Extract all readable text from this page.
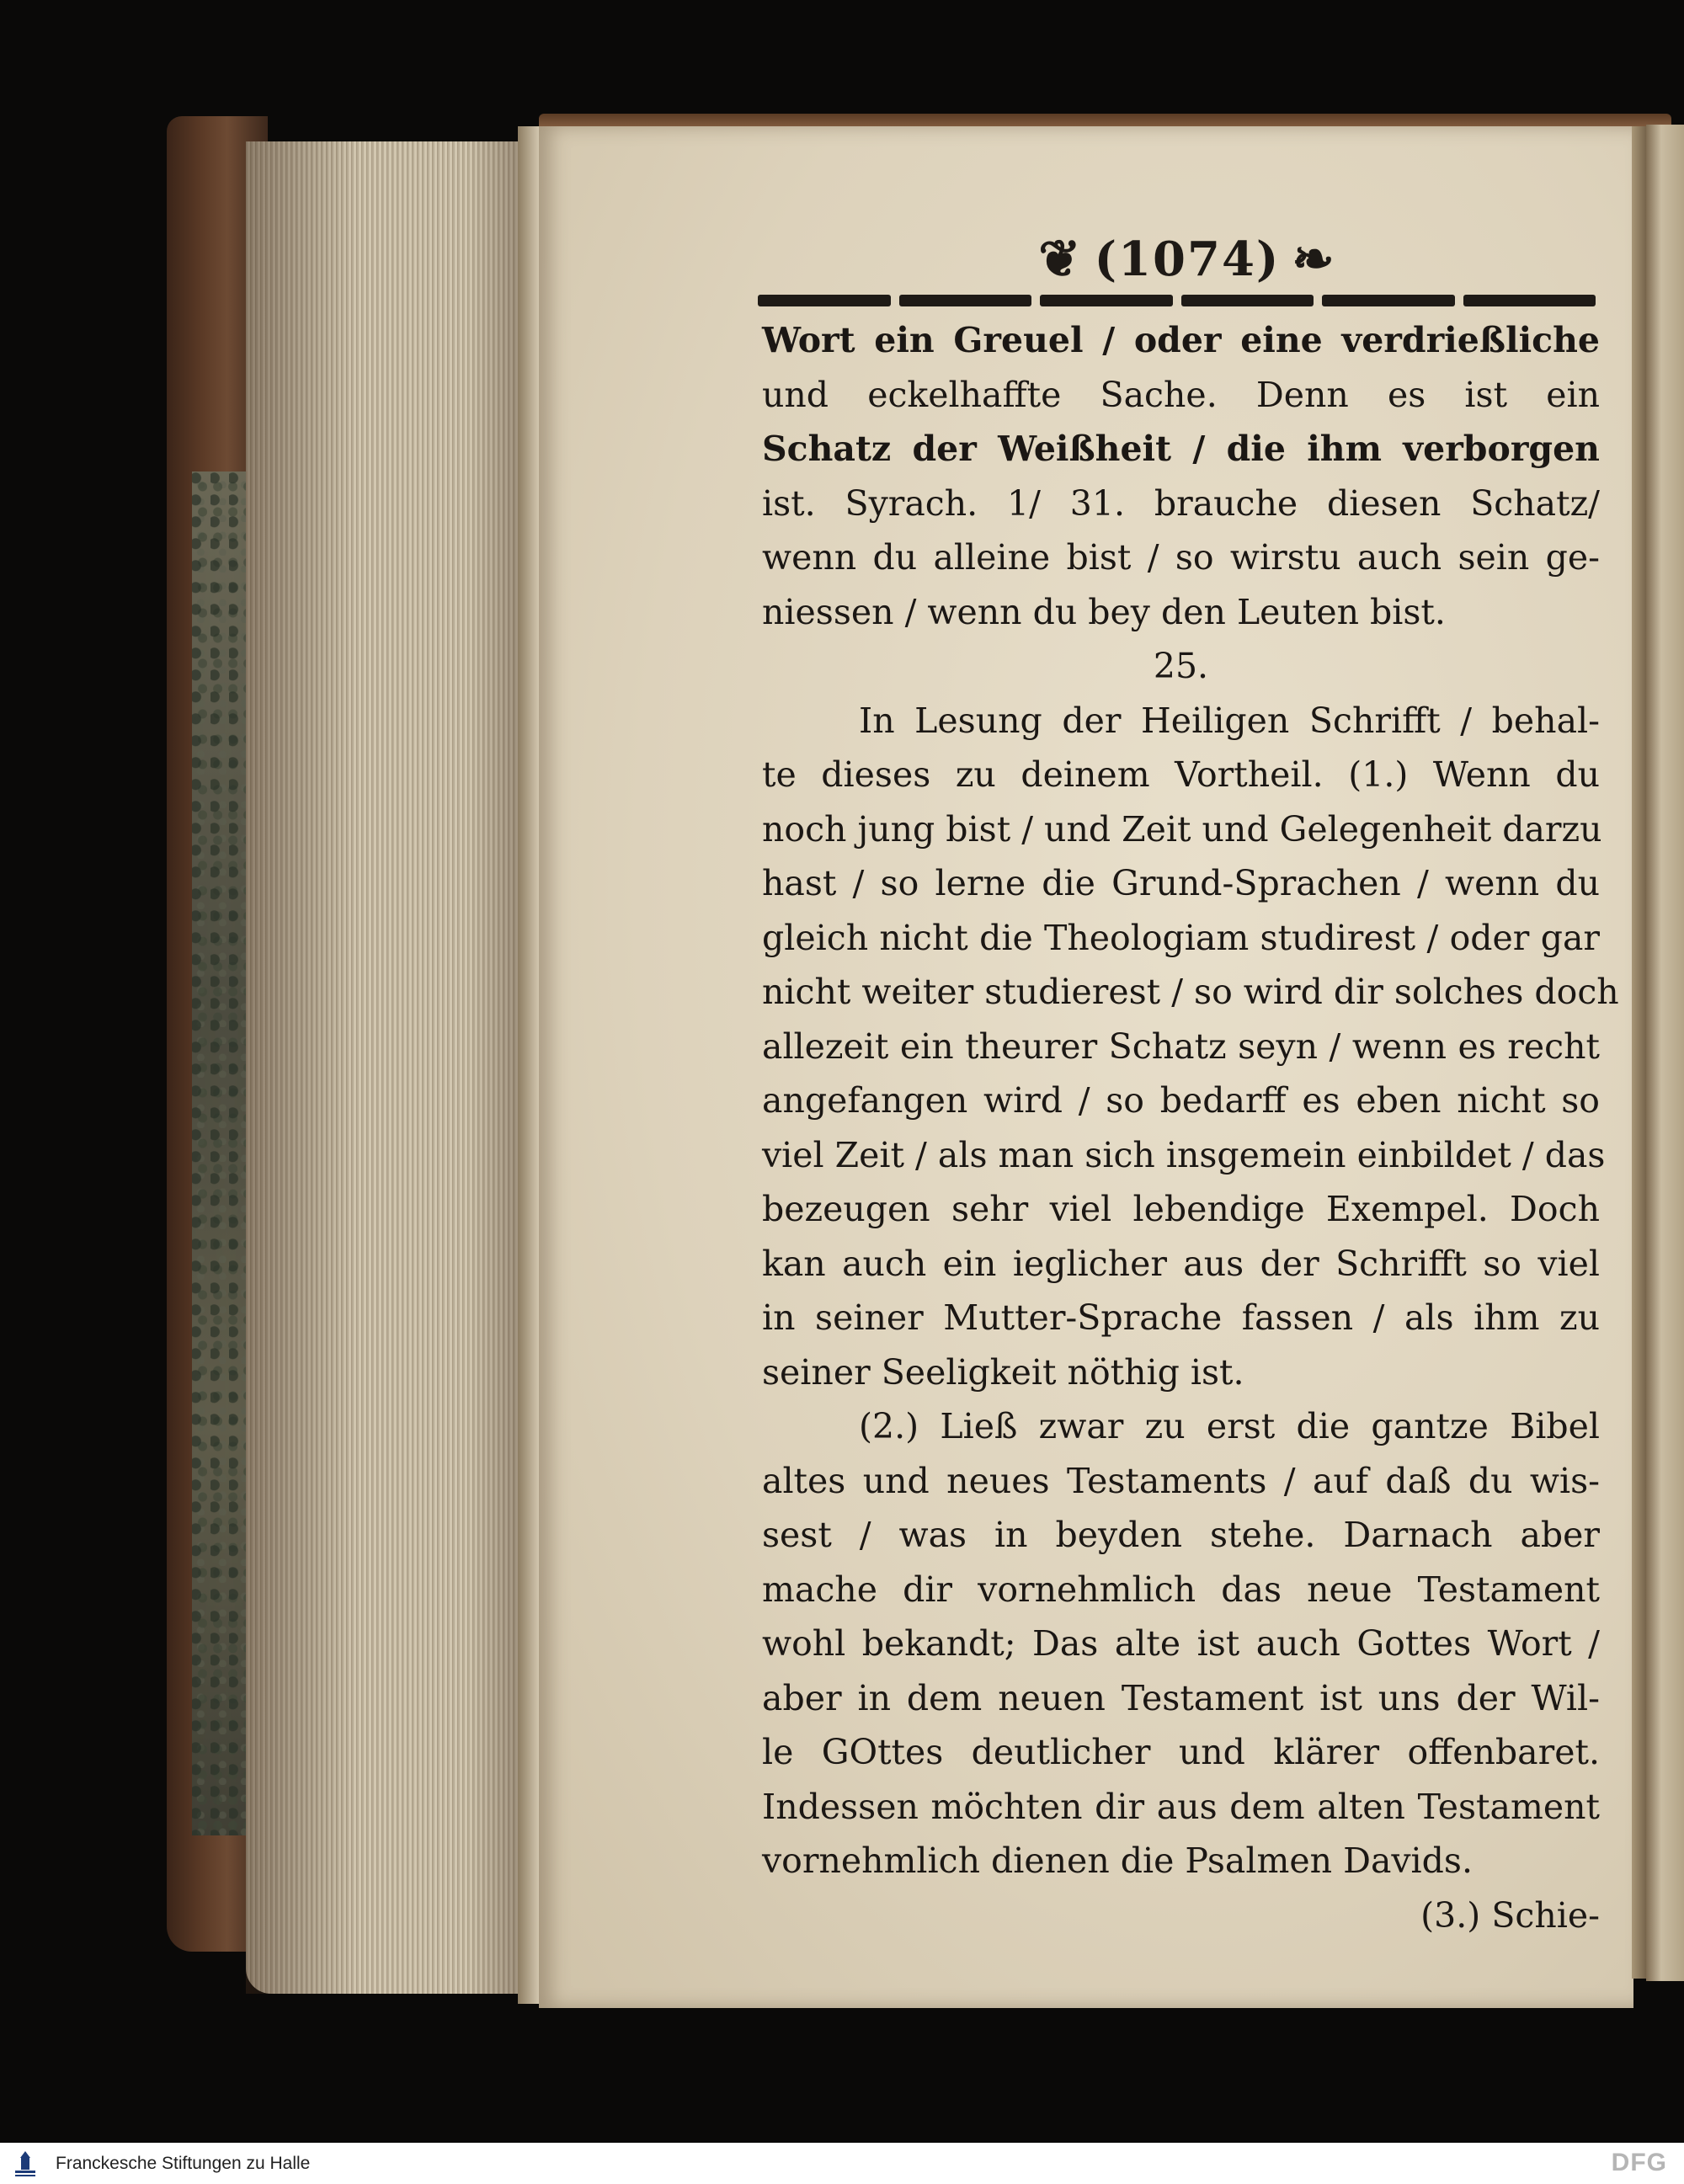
❦ (1074) ❧
Wort ein Greuel / oder eine verdrießliche
und eckelhaffte Sache. Denn es ist ein
Schatz der Weißheit / die ihm verborgen
ist. Syrach. 1/ 31. brauche diesen Schatz/
wenn du alleine bist / so wirstu auch sein ge-
niessen / wenn du bey den Leuten bist.
25.
In Lesung der Heiligen Schrifft / behal-
te dieses zu deinem Vortheil. (1.) Wenn du
noch jung bist / und Zeit und Gelegenheit darzu
hast / so lerne die Grund-Sprachen / wenn du
gleich nicht die Theologiam studirest / oder gar
nicht weiter studierest / so wird dir solches doch
allezeit ein theurer Schatz seyn / wenn es recht
angefangen wird / so bedarff es eben nicht so
viel Zeit / als man sich insgemein einbildet / das
bezeugen sehr viel lebendige Exempel. Doch
kan auch ein ieglicher aus der Schrifft so viel
in seiner Mutter-Sprache fassen / als ihm zu
seiner Seeligkeit nöthig ist.
(2.) Ließ zwar zu erst die gantze Bibel
altes und neues Testaments / auf daß du wis-
sest / was in beyden stehe. Darnach aber
mache dir vornehmlich das neue Testament
wohl bekandt; Das alte ist auch Gottes Wort /
aber in dem neuen Testament ist uns der Wil-
le GOttes deutlicher und klärer offenbaret.
Indessen möchten dir aus dem alten Testament
vornehmlich dienen die Psalmen Davids.
(3.) Schie-
Franckesche Stiftungen zu Halle	DFG
